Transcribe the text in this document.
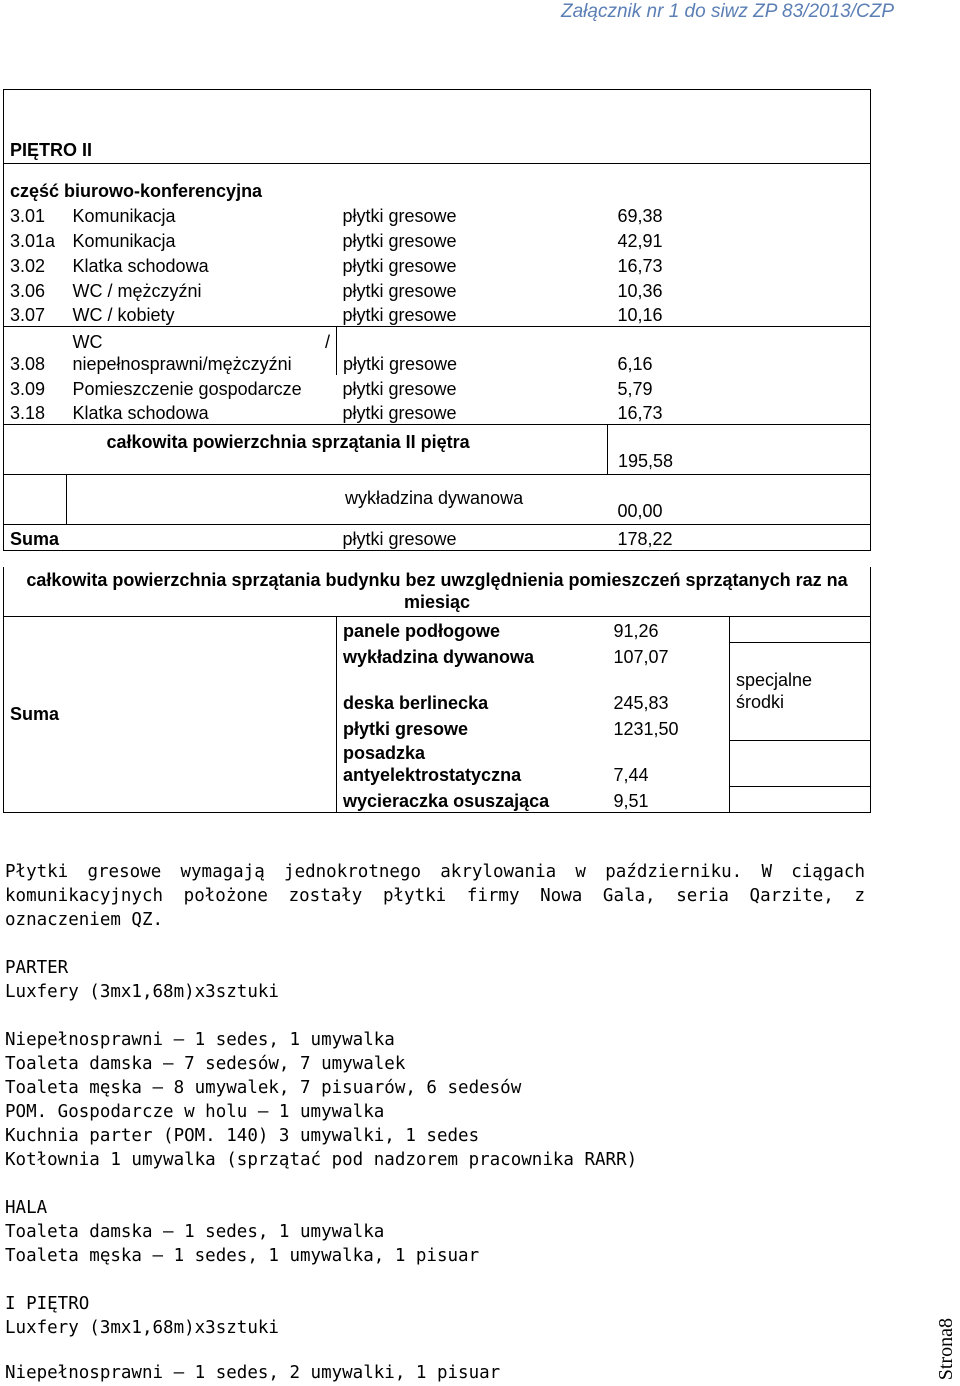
Załącznik nr 1 do siwz ZP 83/2013/CZP
PIĘTRO II			
część biurowo-konferencyjna			
3.01	Komunikacja	płytki gresowe	69,38
3.01a	Komunikacja	płytki gresowe	42,91
3.02	Klatka schodowa	płytki gresowe	16,73
3.06	WC / mężczyźni	płytki gresowe	10,36
3.07	WC / kobiety	płytki gresowe	10,16
3.08	WC /
niepełnosprawni/mężczyźni	płytki gresowe	6,16
3.09	Pomieszczenie gospodarcze	płytki gresowe	5,79
3.18	Klatka schodowa	płytki gresowe	16,73
	całkowita powierzchnia sprzątania II piętra		195,58
	wykładzina dywanowa		00,00
Suma		płytki gresowe	178,22
całkowita powierzchnia sprzątania budynku bez uwzględnienia pomieszczeń sprzątanych raz na miesiąc			
Suma	panele podłogowe	91,26	
	wykładzina dywanowa	107,07	specjalne
środki

	deska berlinecka	245,83	
	płytki gresowe	1231,50	

	posadzka
antyelektrostatyczna	7,44	
	wycieraczka osuszająca	9,51	
Płytki gresowe wymagają jednokrotnego akrylowania w październiku. W ciągach komunikacyjnych położone zostały płytki firmy Nowa Gala, seria Qarzite, z oznaczeniem QZ.
PARTER
Luxfery (3mx1,68m)x3sztuki
Niepełnosprawni – 1 sedes, 1 umywalka
Toaleta damska – 7 sedesów, 7 umywalek
Toaleta męska – 8 umywalek, 7 pisuarów, 6 sedesów
POM. Gospodarcze w holu – 1 umywalka
Kuchnia parter (POM. 140) 3 umywalki, 1 sedes
Kotłownia 1 umywalka (sprzątać pod nadzorem pracownika RARR)
HALA
Toaleta damska – 1 sedes, 1 umywalka
Toaleta męska – 1 sedes, 1 umywalka, 1 pisuar
I PIĘTRO
Luxfery (3mx1,68m)x3sztuki
Niepełnosprawni – 1 sedes, 2 umywalki, 1 pisuar	Strona8
